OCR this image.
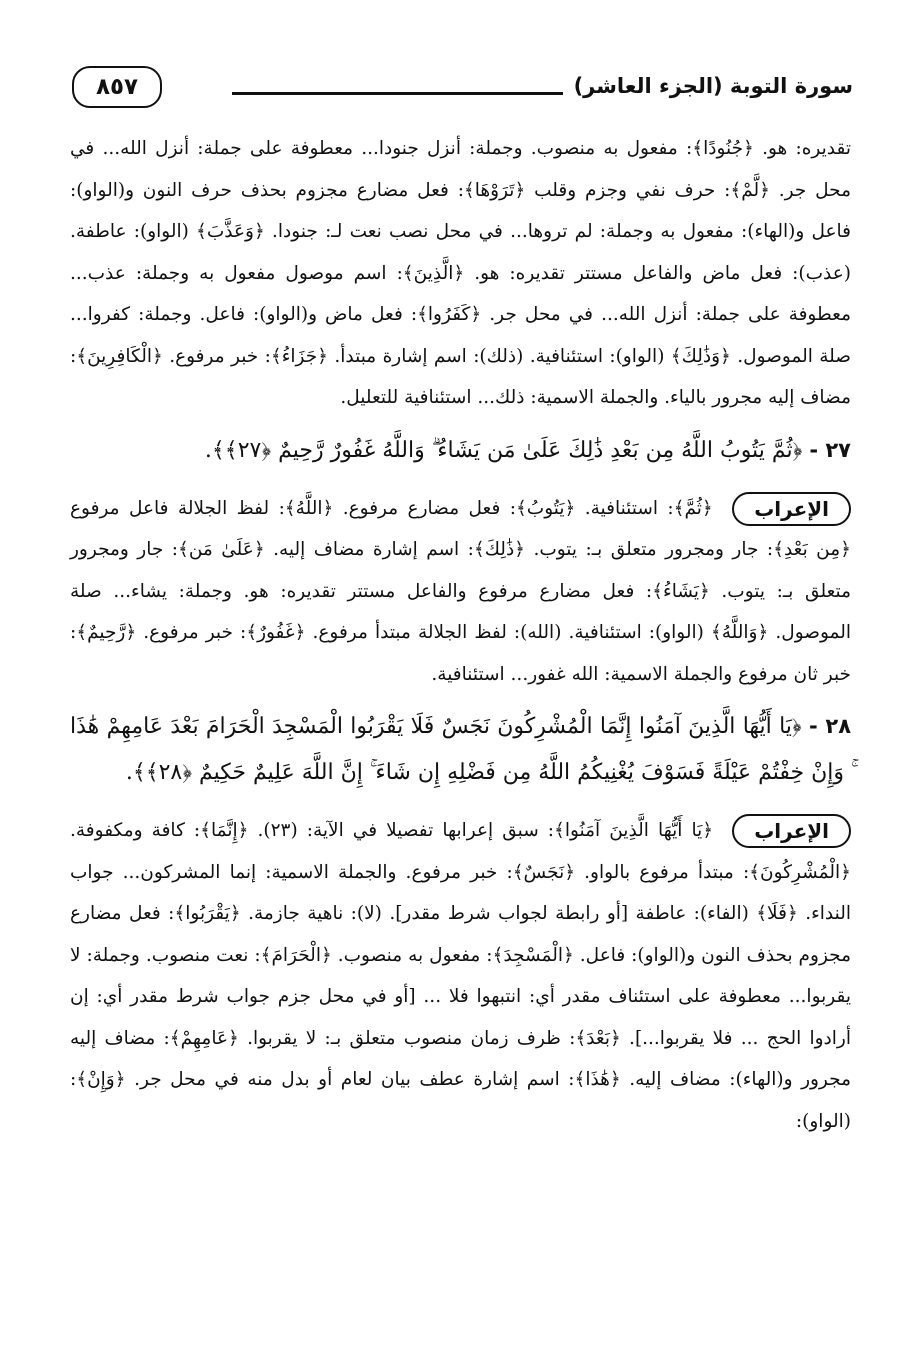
سورة التوبة (الجزء العاشر)
٨٥٧

تقديره: هو. ﴿جُنُودًا﴾: مفعول به منصوب. وجملة: أنزل جنودا... معطوفة على جملة: أنزل الله... في محل جر. ﴿لَّمْ﴾: حرف نفي وجزم وقلب ﴿تَرَوْهَا﴾: فعل مضارع مجزوم بحذف حرف النون و(الواو): فاعل و(الهاء): مفعول به وجملة: لم تروها... في محل نصب نعت لـ: جنودا. ﴿وَعَذَّبَ﴾ (الواو): عاطفة. (عذب): فعل ماض والفاعل مستتر تقديره: هو. ﴿الَّذِينَ﴾: اسم موصول مفعول به وجملة: عذب... معطوفة على جملة: أنزل الله... في محل جر. ﴿كَفَرُوا﴾: فعل ماض و(الواو): فاعل. وجملة: كفروا... صلة الموصول. ﴿وَذَٰلِكَ﴾ (الواو): استئنافية. (ذلك): اسم إشارة مبتدأ. ﴿جَزَاءُ﴾: خبر مرفوع. ﴿الْكَافِرِينَ﴾: مضاف إليه مجرور بالياء. والجملة الاسمية: ذلك... استئنافية للتعليل.

٢٧ - ﴿ثُمَّ يَتُوبُ اللَّهُ مِن بَعْدِ ذَٰلِكَ عَلَىٰ مَن يَشَاءُ ۗ وَاللَّهُ غَفُورٌ رَّحِيمٌ ﴿٢٧﴾﴾.

الإعراب ﴿ثُمَّ﴾: استئنافية. ﴿يَتُوبُ﴾: فعل مضارع مرفوع. ﴿اللَّهُ﴾: لفظ الجلالة فاعل مرفوع ﴿مِن بَعْدِ﴾: جار ومجرور متعلق بـ: يتوب. ﴿ذَٰلِكَ﴾: اسم إشارة مضاف إليه. ﴿عَلَىٰ مَن﴾: جار ومجرور متعلق بـ: يتوب. ﴿يَشَاءُ﴾: فعل مضارع مرفوع والفاعل مستتر تقديره: هو. وجملة: يشاء... صلة الموصول. ﴿وَاللَّهُ﴾ (الواو): استئنافية. (الله): لفظ الجلالة مبتدأ مرفوع. ﴿غَفُورٌ﴾: خبر مرفوع. ﴿رَّحِيمٌ﴾: خبر ثان مرفوع والجملة الاسمية: الله غفور... استئنافية.

٢٨ - ﴿يَا أَيُّهَا الَّذِينَ آمَنُوا إِنَّمَا الْمُشْرِكُونَ نَجَسٌ فَلَا يَقْرَبُوا الْمَسْجِدَ الْحَرَامَ بَعْدَ عَامِهِمْ هَٰذَا ۚ وَإِنْ خِفْتُمْ عَيْلَةً فَسَوْفَ يُغْنِيكُمُ اللَّهُ مِن فَضْلِهِ إِن شَاءَ ۚ إِنَّ اللَّهَ عَلِيمٌ حَكِيمٌ ﴿٢٨﴾﴾.

الإعراب ﴿يَا أَيُّهَا الَّذِينَ آمَنُوا﴾: سبق إعرابها تفصيلا في الآية: (٢٣). ﴿إِنَّمَا﴾: كافة ومكفوفة. ﴿الْمُشْرِكُونَ﴾: مبتدأ مرفوع بالواو. ﴿نَجَسٌ﴾: خبر مرفوع. والجملة الاسمية: إنما المشركون... جواب النداء. ﴿فَلَا﴾ (الفاء): عاطفة [أو رابطة لجواب شرط مقدر]. (لا): ناهية جازمة. ﴿يَقْرَبُوا﴾: فعل مضارع مجزوم بحذف النون و(الواو): فاعل. ﴿الْمَسْجِدَ﴾: مفعول به منصوب. ﴿الْحَرَامَ﴾: نعت منصوب. وجملة: لا يقربوا... معطوفة على استئناف مقدر أي: انتبهوا فلا ... [أو في محل جزم جواب شرط مقدر أي: إن أرادوا الحج ... فلا يقربوا...]. ﴿بَعْدَ﴾: ظرف زمان منصوب متعلق بـ: لا يقربوا. ﴿عَامِهِمْ﴾: مضاف إليه مجرور و(الهاء): مضاف إليه. ﴿هَٰذَا﴾: اسم إشارة عطف بيان لعام أو بدل منه في محل جر. ﴿وَإِنْ﴾: (الواو):
